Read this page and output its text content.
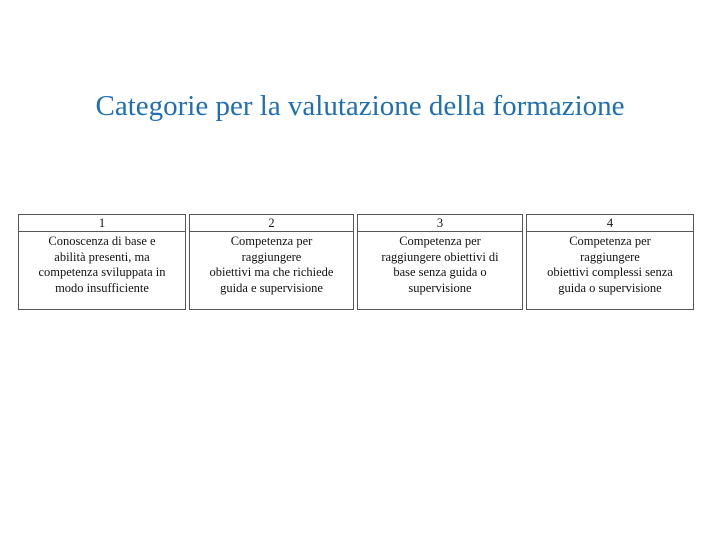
Categorie per la valutazione della formazione
1
Conoscenza di base e
abilità presenti, ma
competenza sviluppata in
modo insufficiente
2
Competenza per
raggiungere
obiettivi ma che richiede
guida e supervisione
3
Competenza per
raggiungere obiettivi di
base senza guida o
supervisione
4
Competenza per
raggiungere
obiettivi complessi senza
guida o supervisione
